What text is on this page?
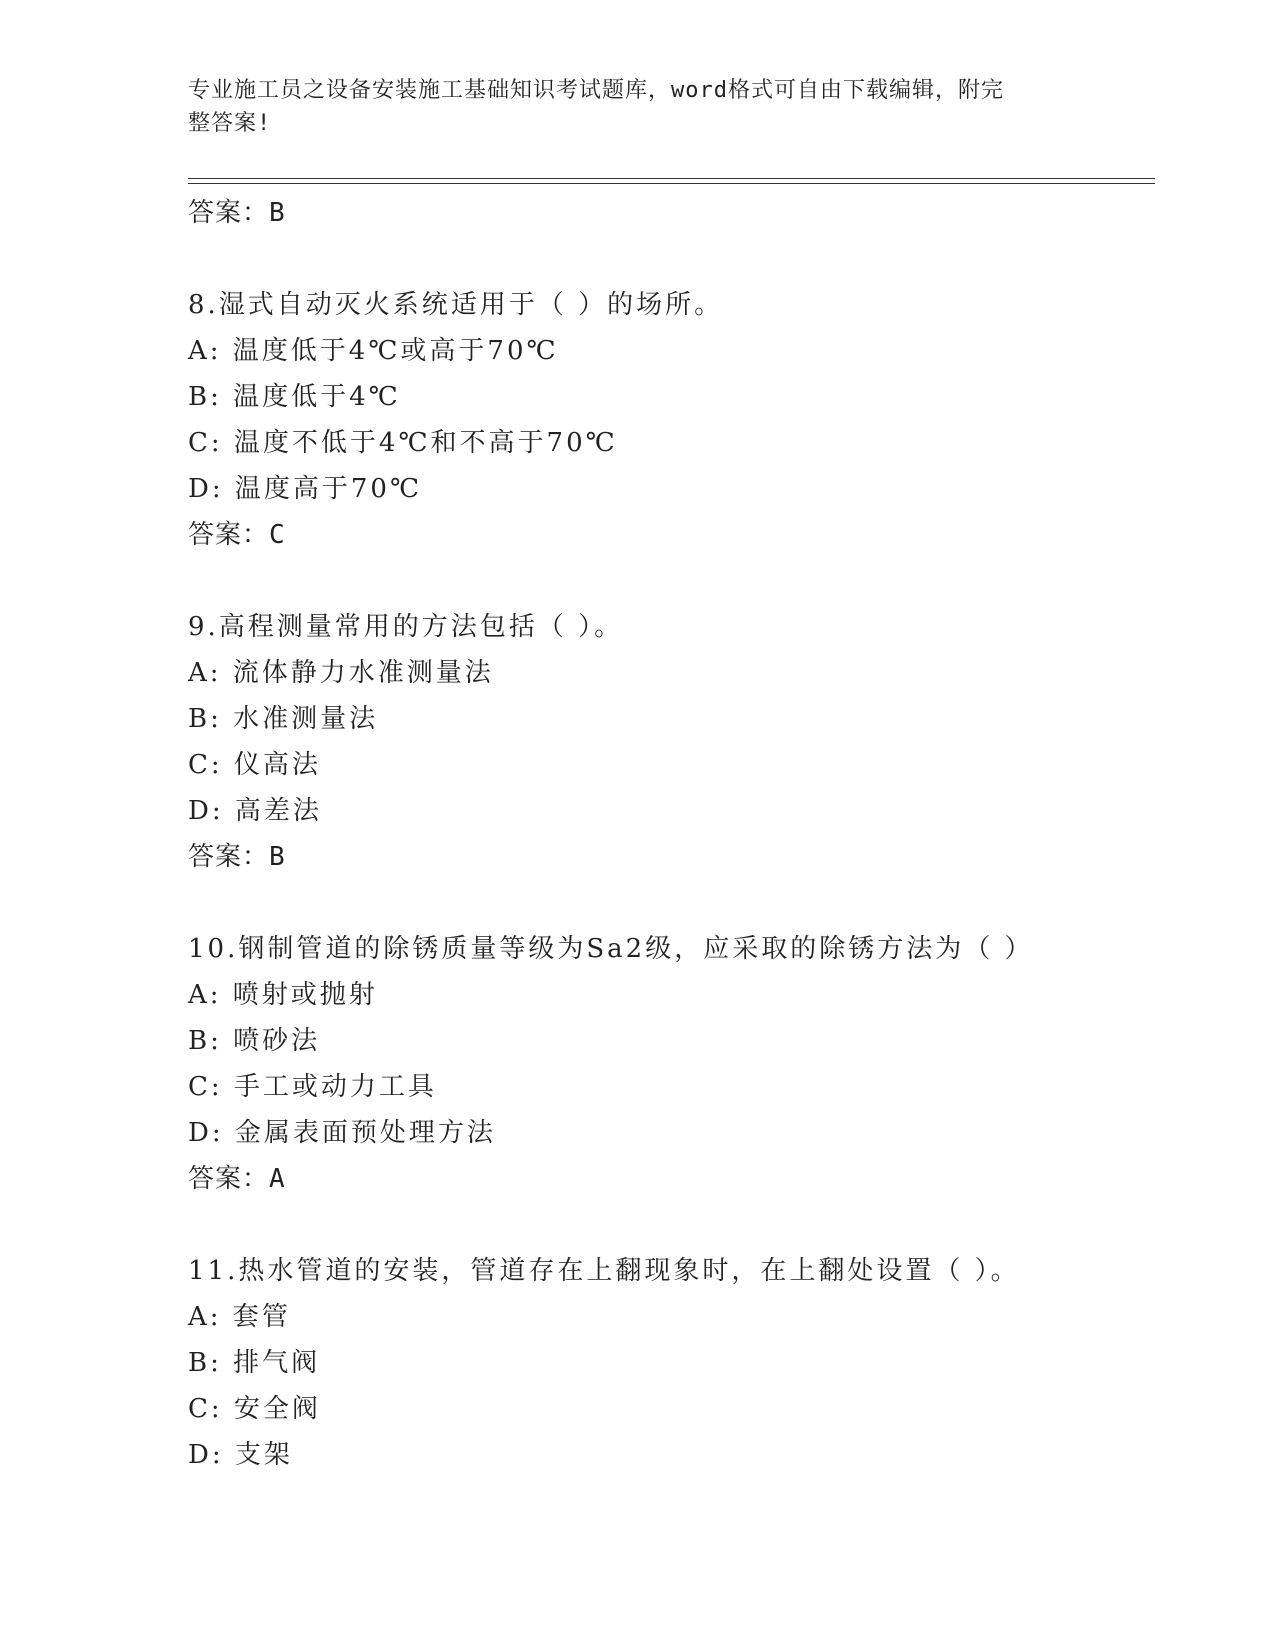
专业施工员之设备安装施工基础知识考试题库，word格式可自由下载编辑，附完
整答案!
答案：B
8.湿式自动灭火系统适用于（ ）的场所。
A: 温度低于4℃或高于70℃
B: 温度低于4℃
C: 温度不低于4℃和不高于70℃
D: 温度高于70℃
答案：C
9.高程测量常用的方法包括（ ）。
A: 流体静力水准测量法
B: 水准测量法
C: 仪高法
D: 高差法
答案：B
10.钢制管道的除锈质量等级为Sa2级，应采取的除锈方法为（ ）
A: 喷射或抛射
B: 喷砂法
C: 手工或动力工具
D: 金属表面预处理方法
答案：A
11.热水管道的安装，管道存在上翻现象时，在上翻处设置（ ）。
A: 套管
B: 排气阀
C: 安全阀
D: 支架
